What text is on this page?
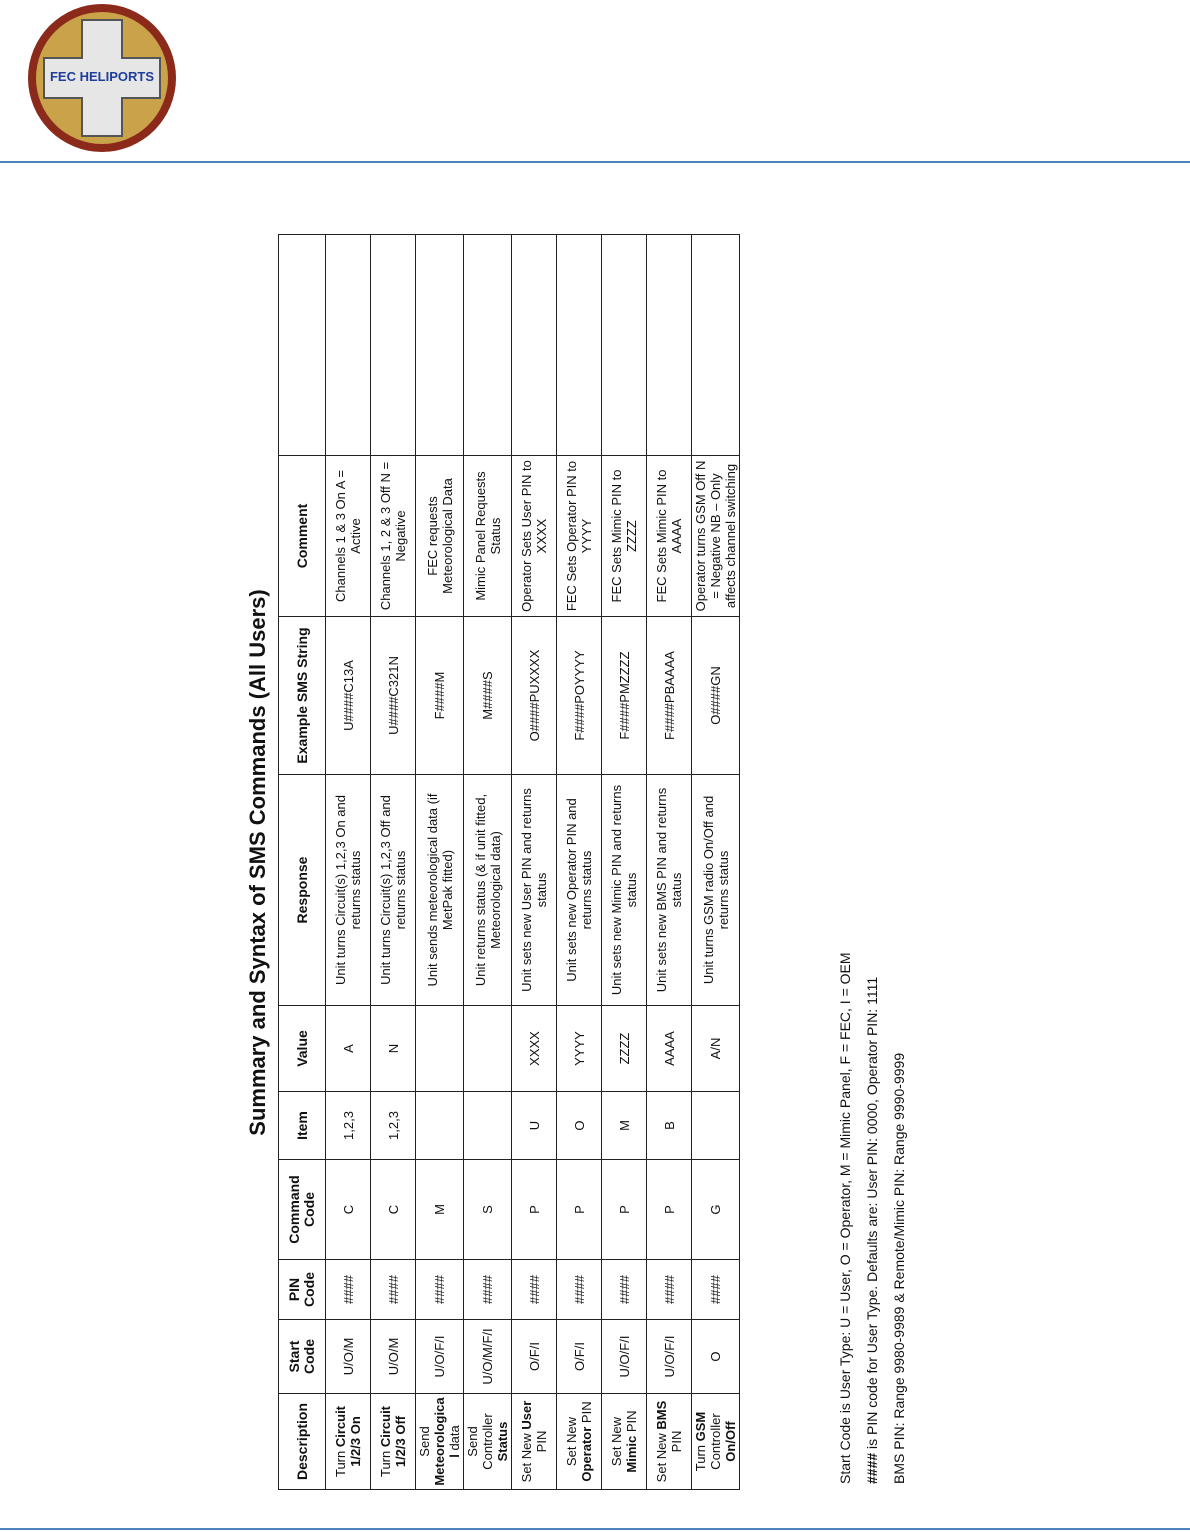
FEC HELIPORTS
Summary and Syntax of SMS Commands (All Users)
Description	Start Code	PIN Code	Command Code	Item	Value	Response	Example SMS String	Comment	
Turn Circuit 1/2/3 On	U/O/M	####	C	1,2,3	A	Unit turns Circuit(s) 1,2,3 On and returns status	U####C13A	Channels 1 & 3 On A = Active	
Turn Circuit 1/2/3 Off	U/O/M	####	C	1,2,3	N	Unit turns Circuit(s) 1,2,3 Off and returns status	U####C321N	Channels 1, 2 & 3 Off N = Negative	
Send Meteorological data	U/O/F/I	####	M			Unit sends meteorological data (if MetPak fitted)	F####M	FEC requests Meteorological Data	
Send Controller Status	U/O/M/F/I	####	S			Unit returns status (& if unit fitted, Meteorological data)	M####S	Mimic Panel Requests Status	
Set New User PIN	O/F/I	####	P	U	XXXX	Unit sets new User PIN and returns status	O####PUXXXX	Operator Sets User PIN to XXXX	
Set New Operator PIN	O/F/I	####	P	O	YYYY	Unit sets new Operator PIN and returns status	F####POYYYY	FEC Sets Operator PIN to YYYY	
Set New Mimic PIN	U/O/F/I	####	P	M	ZZZZ	Unit sets new Mimic PIN and returns status	F####PMZZZZ	FEC Sets Mimic PIN to ZZZZ	
Set New BMS PIN	U/O/F/I	####	P	B	AAAA	Unit sets new BMS PIN and returns status	F####PBAAAA	FEC Sets Mimic PIN to AAAA	
Turn GSM Controller On/Off	O	####	G		A/N	Unit turns GSM radio On/Off and returns status	O####GN	Operator turns GSM Off N = Negative NB – Only affects channel switching	
Start Code is User Type: U = User, O = Operator, M = Mimic Panel, F = FEC, I = OEM #### is PIN code for User Type. Defaults are: User PIN: 0000, Operator PIN: 1111 BMS PIN: Range 9980-9989 & Remote/Mimic PIN: Range 9990-9999
